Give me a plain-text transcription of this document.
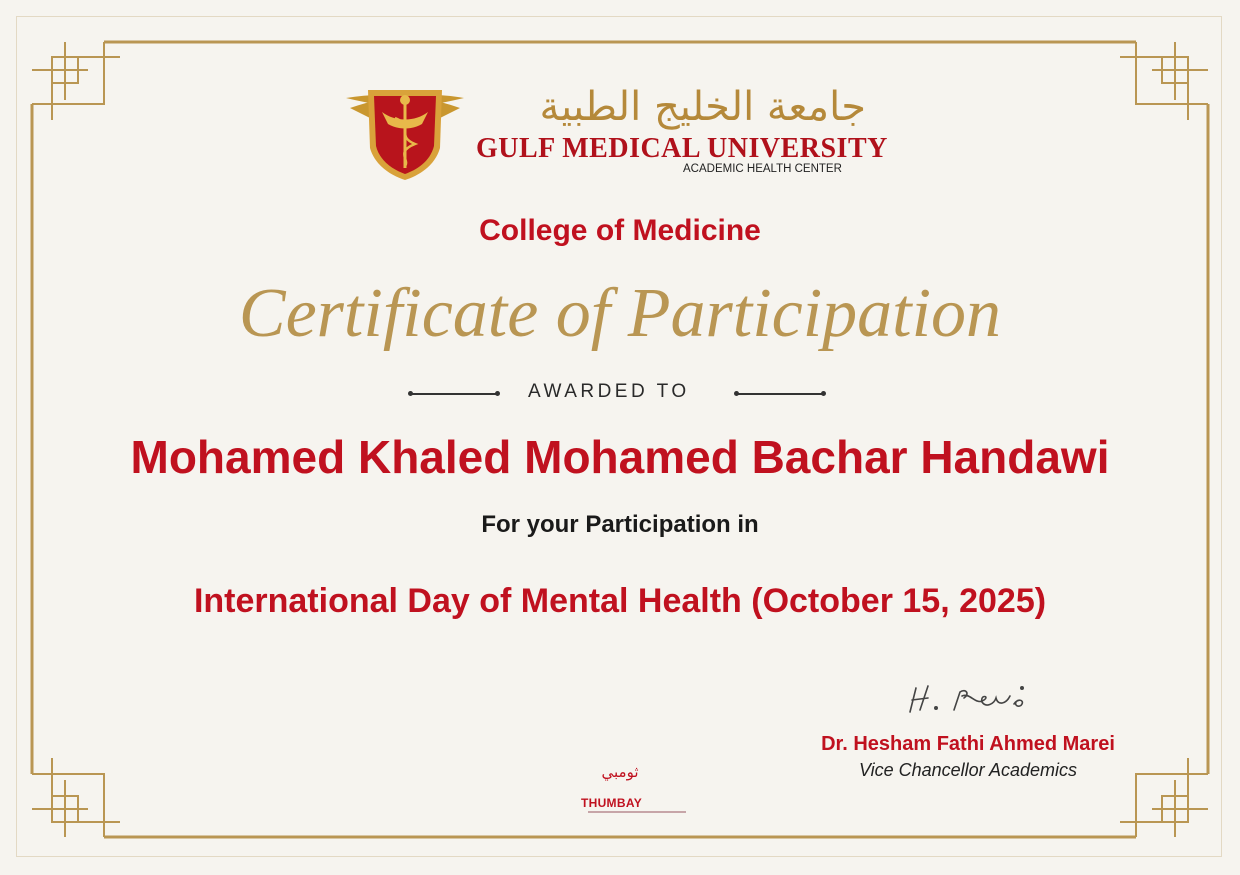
جامعة الخليج الطبية
GULF MEDICAL UNIVERSITY
ACADEMIC HEALTH CENTER
College of Medicine
Certificate of Participation
AWARDED TO
Mohamed Khaled Mohamed Bachar Handawi
For your Participation in
International Day of Mental Health (October 15, 2025)
Dr. Hesham Fathi Ahmed Marei
Vice Chancellor Academics
ثومبي
THUMBAY
